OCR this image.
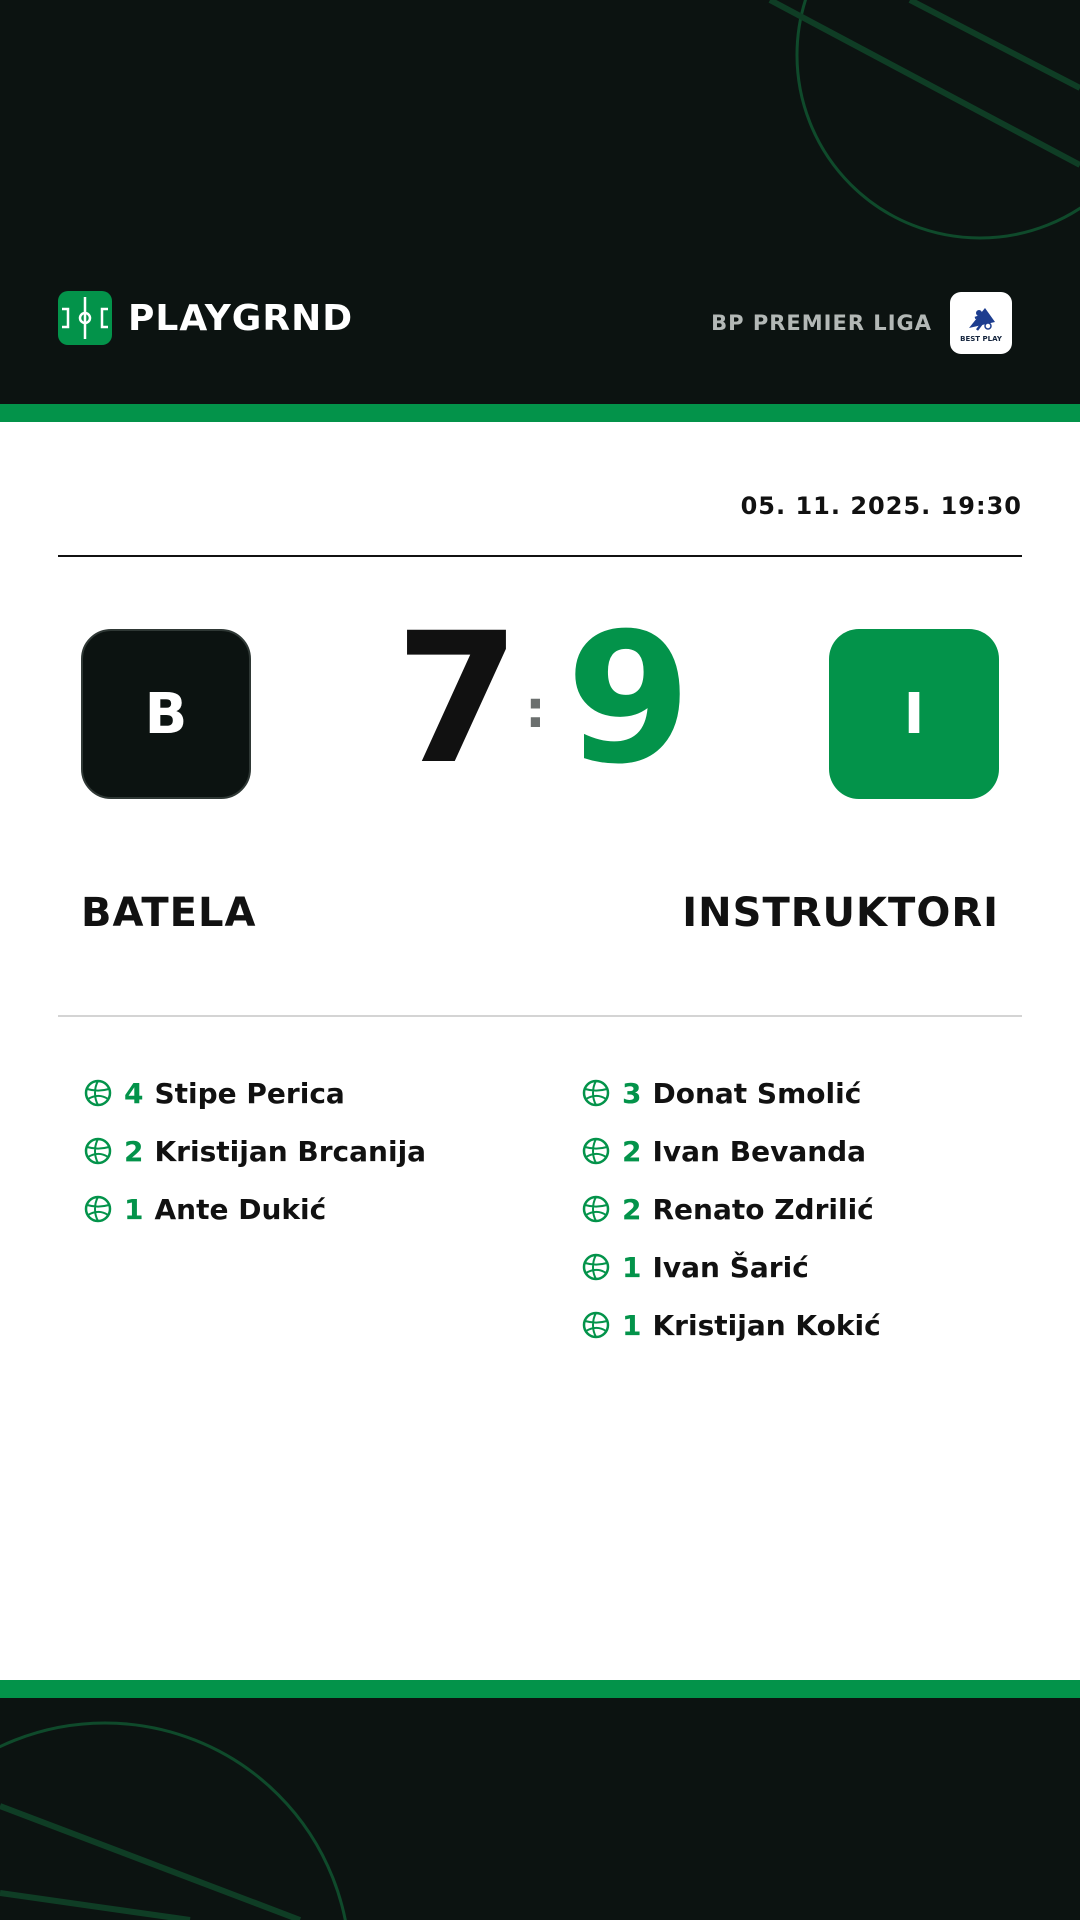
PLAYGRND	BP PREMIER LIGA
BEST PLAY
05. 11. 2025. 19:30
B 7 : 9	I
BATELA	INSTRUKTORI
4 Stipe Perica
2 Kristijan Brcanija
1 Ante Dukić
3 Donat Smolić
2 Ivan Bevanda
2 Renato Zdrilić
1 Ivan Šarić
1 Kristijan Kokić
